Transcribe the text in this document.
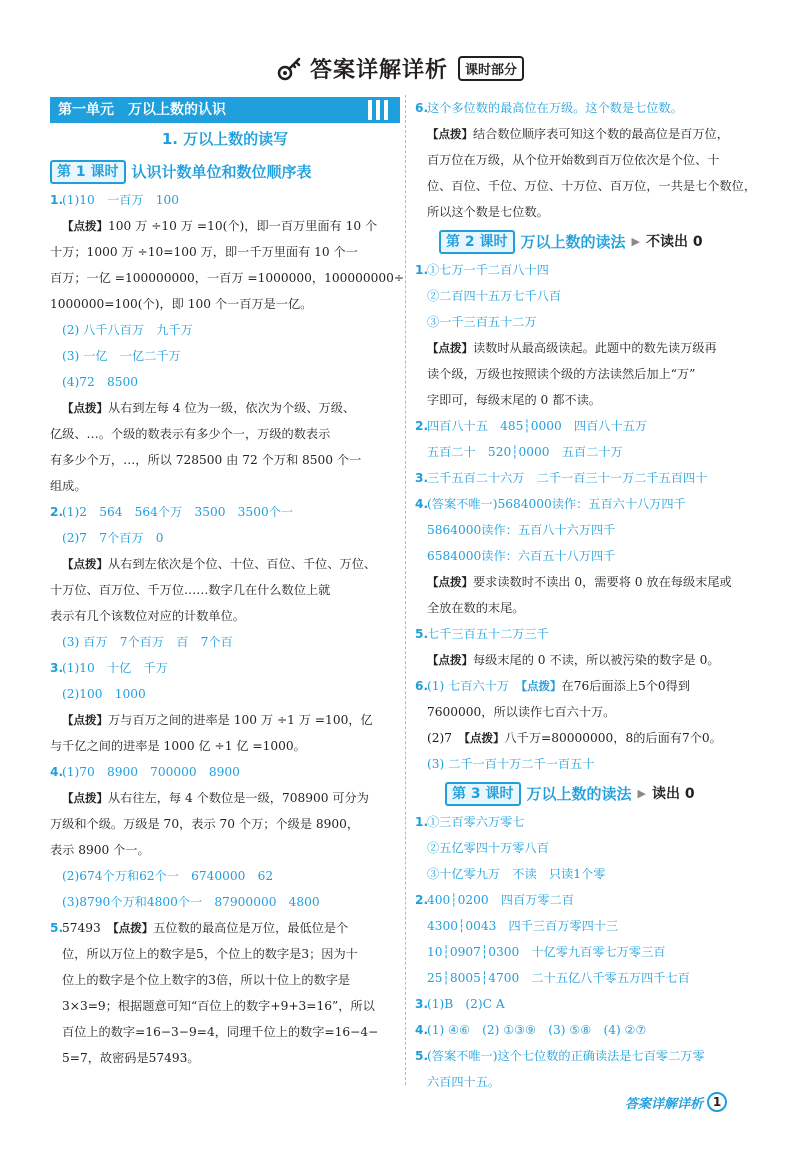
答案详解详析	课时部分
第一单元　万以上数的认识
1. 万以上数的读写
第 1 课时 认识计数单位和数位顺序表
1.(1)10　一百万　100
【点拨】100 万 ÷10 万 =10(个)，即一百万里面有 10 个
十万；1000 万 ÷10=100 万，即一千万里面有 10 个一
百万；一亿 =100000000，一百万 =1000000，100000000÷
1000000=100(个)，即 100 个一百万是一亿。
(2) 八千八百万　九千万
(3) 一亿　一亿二千万
(4)72　8500
【点拨】从右到左每 4 位为一级，依次为个级、万级、
亿级、…。个级的数表示有多少个一，万级的数表示
有多少个万，…，所以 728500 由 72 个万和 8500 个一
组成。
2.(1)2　564　564个万　3500　3500个一
(2)7　7个百万　0
【点拨】从右到左依次是个位、十位、百位、千位、万位、
十万位、百万位、千万位……数字几在什么数位上就
表示有几个该数位对应的计数单位。
(3) 百万　7个百万　百　7个百
3.(1)10　十亿　千万
(2)100　1000
【点拨】万与百万之间的进率是 100 万 ÷1 万 =100，亿
与千亿之间的进率是 1000 亿 ÷1 亿 =1000。
4.(1)70　8900　700000　8900
【点拨】从右往左，每 4 个数位是一级，708900 可分为
万级和个级。万级是 70，表示 70 个万；个级是 8900，
表示 8900 个一。
(2)674个万和62个一　6740000　62
(3)8790个万和4800个一　87900000　4800
5.57493　【点拨】五位数的最高位是万位，最低位是个
位，所以万位上的数字是5，个位上的数字是3；因为十
位上的数字是个位上数字的3倍，所以十位上的数字是
3×3=9；根据题意可知“百位上的数字+9+3=16”，所以
百位上的数字=16−3−9=4，同理千位上的数字=16−4−
5=7，故密码是57493。
6.这个多位数的最高位在万级。这个数是七位数。
【点拨】结合数位顺序表可知这个数的最高位是百万位，
百万位在万级，从个位开始数到百万位依次是个位、十
位、百位、千位、万位、十万位、百万位，一共是七个数位，
所以这个数是七位数。
第 2 课时 万以上数的读法 ▶ 不读出 0
1.①七万一千二百八十四
②二百四十五万七千八百
③一千三百五十二万
【点拨】读数时从最高级读起。此题中的数先读万级再
读个级，万级也按照读个级的方法读然后加上“万”
字即可，每级末尾的 0 都不读。
2.四百八十五　485┆0000　四百八十五万
五百二十　520┆0000　五百二十万
3.三千五百二十六万　二千一百三十一万二千五百四十
4.(答案不唯一)5684000读作：五百六十八万四千
5864000读作：五百八十六万四千
6584000读作：六百五十八万四千
【点拨】要求读数时不读出 0，需要将 0 放在每级末尾或
全放在数的末尾。
5.七千三百五十二万三千
【点拨】每级末尾的 0 不读，所以被污染的数字是 0。
6.(1) 七百六十万　【点拨】在76后面添上5个0得到
7600000，所以读作七百六十万。
(2)7　【点拨】八千万=80000000，8的后面有7个0。
(3) 二千一百十万二千一百五十
第 3 课时 万以上数的读法 ▶ 读出 0
1.①三百零六万零七
②五亿零四十万零八百
③十亿零九万　不读　只读1个零
2.400┆0200　四百万零二百
4300┆0043　四千三百万零四十三
10┆0907┆0300　十亿零九百零七万零三百
25┆8005┆4700　二十五亿八千零五万四千七百
3.(1)B　(2)C A
4.(1) ④⑥　(2) ①③⑨　(3) ⑤⑧　(4) ②⑦
5.(答案不唯一)这个七位数的正确读法是七百零二万零
六百四十五。
答案详解详析 1
